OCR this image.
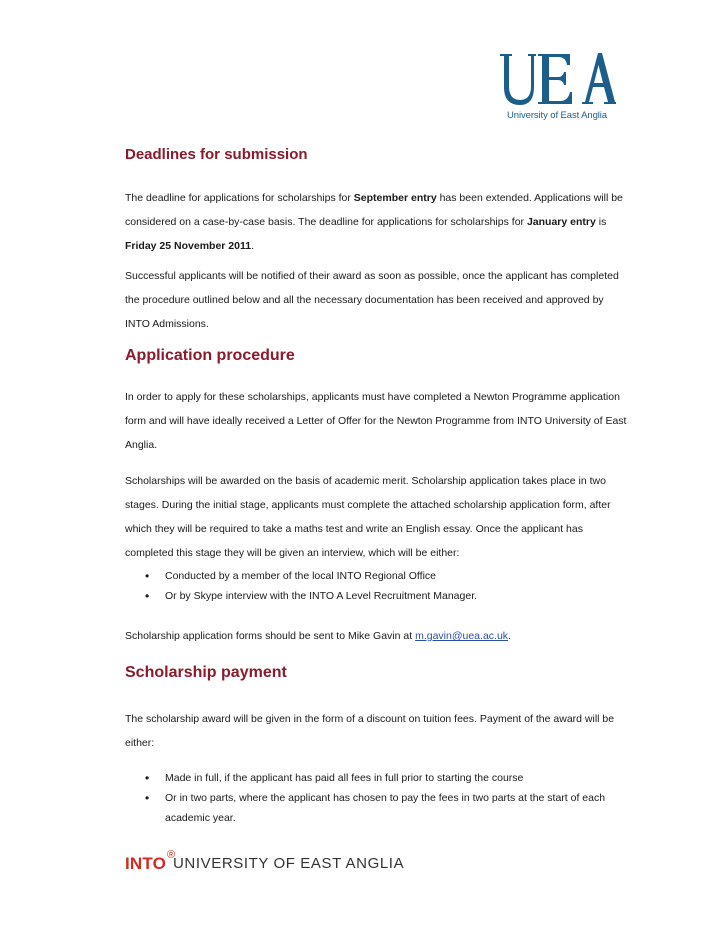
University of East Anglia
Deadlines for submission

The deadline for applications for scholarships for September entry has been extended. Applications will be considered on a case-by-case basis. The deadline for applications for scholarships for January entry is Friday 25 November 2011.

Successful applicants will be notified of their award as soon as possible, once the applicant has completed the procedure outlined below and all the necessary documentation has been received and approved by INTO Admissions.

Application procedure

In order to apply for these scholarships, applicants must have completed a Newton Programme application form and will have ideally received a Letter of Offer for the Newton Programme from INTO University of East Anglia.

Scholarships will be awarded on the basis of academic merit. Scholarship application takes place in two stages. During the initial stage, applicants must complete the attached scholarship application form, after which they will be required to take a maths test and write an English essay. Once the applicant has completed this stage they will be given an interview, which will be either:

• Conducted by a member of the local INTO Regional Office
• Or by Skype interview with the INTO A Level Recruitment Manager.

Scholarship application forms should be sent to Mike Gavin at m.gavin@uea.ac.uk.

Scholarship payment

The scholarship award will be given in the form of a discount on tuition fees. Payment of the award will be either:

• Made in full, if the applicant has paid all fees in full prior to starting the course
• Or in two parts, where the applicant has chosen to pay the fees in two parts at the start of each academic year.
INTO ®
UNIVERSITY OF EAST ANGLIA
